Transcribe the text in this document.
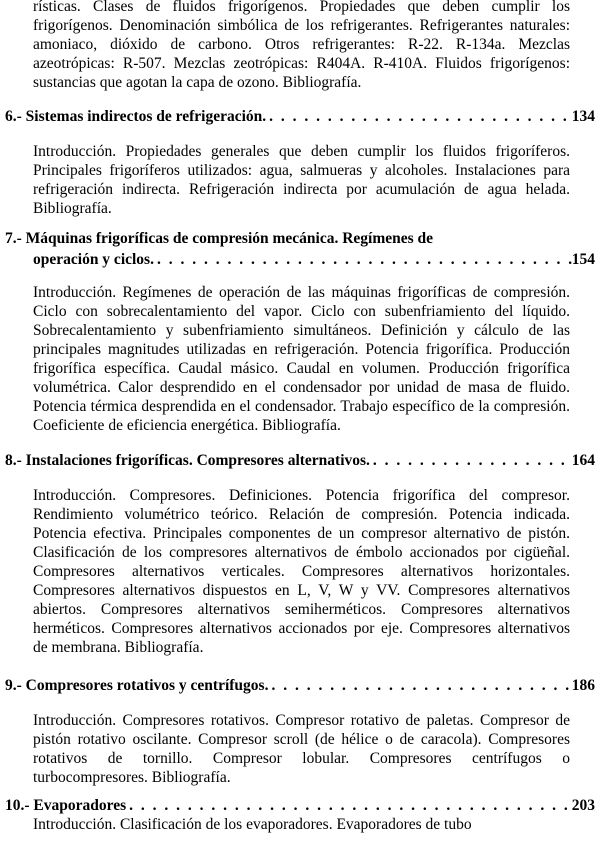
rísticas. Clases de fluidos frigorígenos. Propiedades que deben cumplir los frigorígenos. Denominación simbólica de los refrigerantes. Refrigerantes naturales: amoniaco, dióxido de carbono. Otros refrigerantes: R-22. R-134a. Mezclas azeotrópicas: R-507. Mezclas zeotrópicas: R404A. R-410A. Fluidos frigorígenos: sustancias que agotan la capa de ozono. Bibliografía.

6.- Sistemas indirectos de refrigeración. . . .	134

Introducción. Propiedades generales que deben cumplir los fluidos frigoríferos. Principales frigoríferos utilizados: agua, salmueras y alcoholes. Instalaciones para refrigeración indirecta. Refrigeración indirecta por acumulación de agua helada. Bibliografía.

7.- Máquinas frigoríficas de compresión mecánica. Regímenes de
operación y ciclos. . . .	154

Introducción. Regímenes de operación de las máquinas frigoríficas de compresión. Ciclo con sobrecalentamiento del vapor. Ciclo con subenfriamiento del líquido. Sobrecalentamiento y subenfriamiento simultáneos. Definición y cálculo de las principales magnitudes utilizadas en refrigeración. Potencia frigorífica. Producción frigorífica específica. Caudal másico. Caudal en volumen. Producción frigorífica volumétrica. Calor desprendido en el condensador por unidad de masa de fluido. Potencia térmica desprendida en el condensador. Trabajo específico de la compresión. Coeficiente de eficiencia energética. Bibliografía.

8.- Instalaciones frigoríficas. Compresores alternativos. . . .	164

Introducción. Compresores. Definiciones. Potencia frigorífica del compresor. Rendimiento volumétrico teórico. Relación de compresión. Potencia indicada. Potencia efectiva. Principales componentes de un compresor alternativo de pistón. Clasificación de los compresores alternativos de émbolo accionados por cigüeñal. Compresores alternativos verticales. Compresores alternativos horizontales. Compresores alternativos dispuestos en L, V, W y VV. Compresores alternativos abiertos. Compresores alternativos semiherméticos. Compresores alternativos herméticos. Compresores alternativos accionados por eje. Compresores alternativos de membrana. Bibliografía.

9.- Compresores rotativos y centrífugos. . . .	186

Introducción. Compresores rotativos. Compresor rotativo de paletas. Compresor de pistón rotativo oscilante. Compresor scroll (de hélice o de caracola). Compresores rotativos de tornillo. Compresor lobular. Compresores centrífugos o turbocompresores. Bibliografía.

10.- Evaporadores . . .	203

Introducción. Clasificación de los evaporadores. Evaporadores de tubo
